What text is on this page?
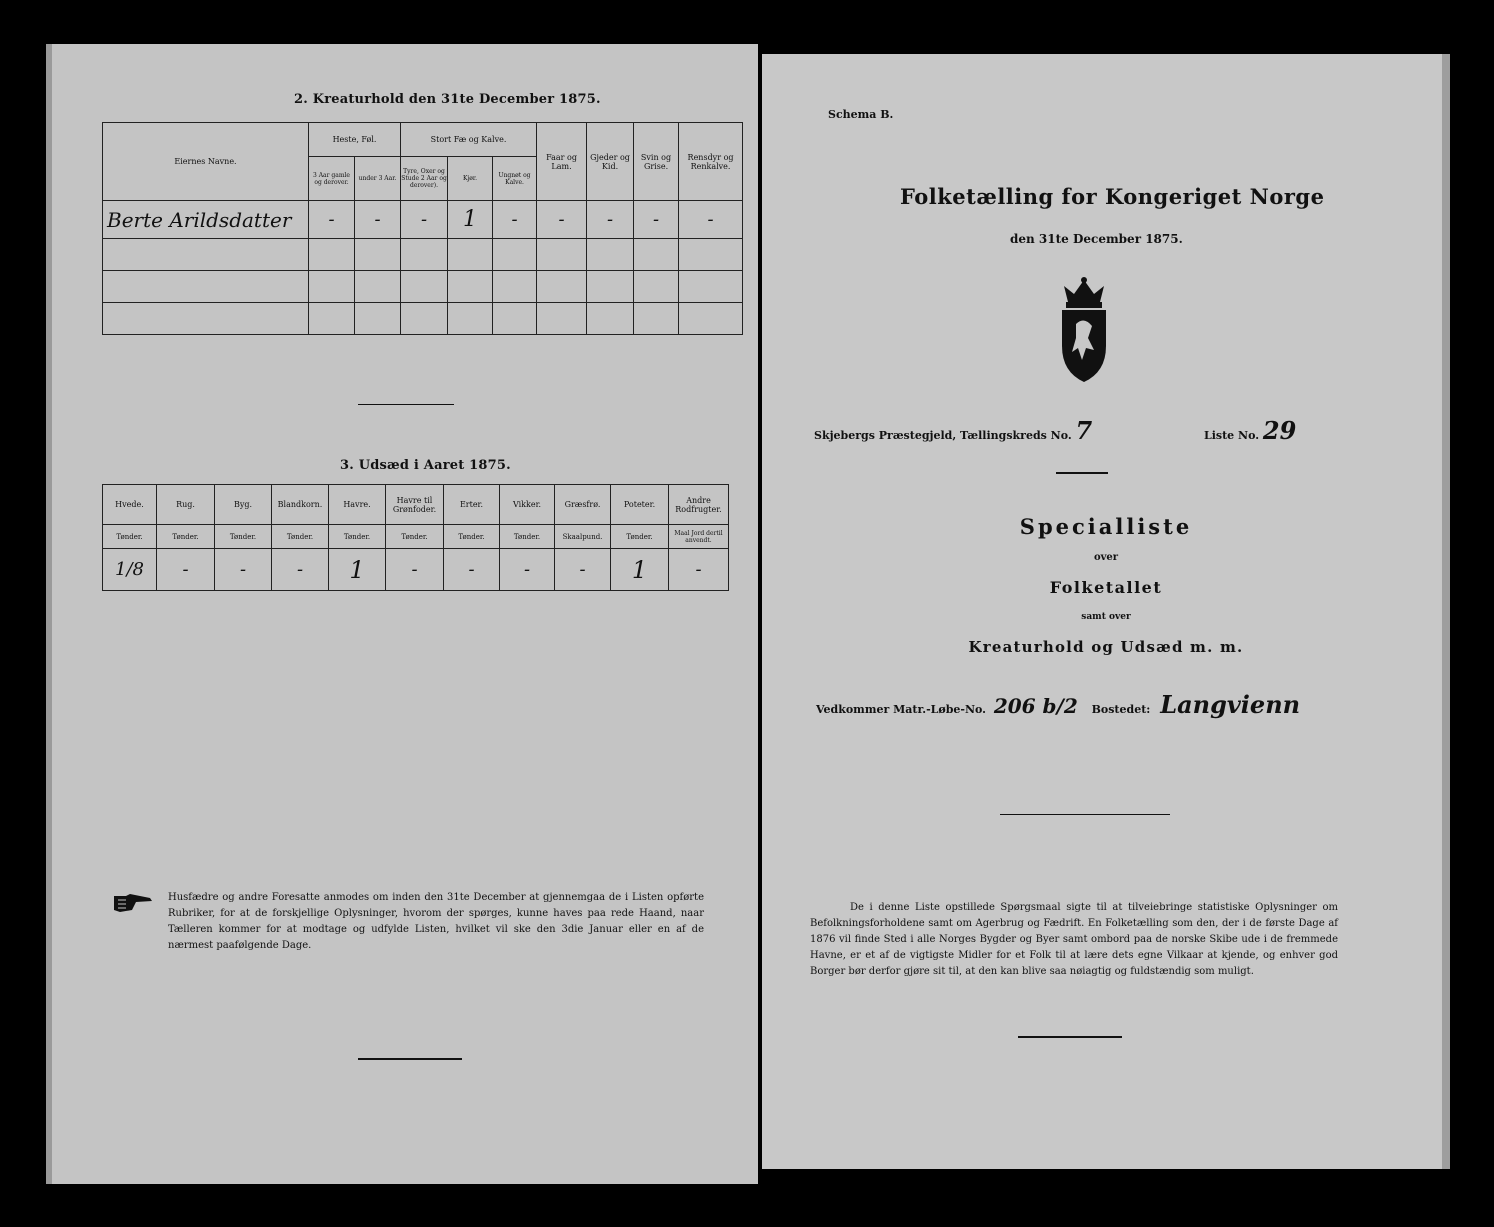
2. Kreaturhold den 31te December 1875.
Eiernes Navne.	Heste, Føl.		Stort Fæ og Kalve.			Faar og Lam.	Gjeder og Kid.	Svin og Grise.	Rensdyr og Renkalve.
	3 Aar gamle og derover.	under 3 Aar.	Tyre, Oxer og Stude 2 Aar og derover).	Kjør.	Ungnøt og Kalve.				
Berte Arildsdatter	-	-	-	1	-	-	-	-	-

3. Udsæd i Aaret 1875.
Hvede.	Rug.	Byg.	Blandkorn.	Havre.	Havre til Grønfoder.	Erter.	Vikker.	Græsfrø.	Poteter.	Andre Rodfrugter.
Tønder.	Tønder.	Tønder.	Tønder.	Tønder.	Tønder.	Tønder.	Tønder.	Skaalpund.	Tønder.	Maal Jord dertil anvendt.
1/8	-	-	-	1	-	-	-	-	1	-
Husfædre og andre Foresatte anmodes om inden den 31te December at gjennemgaa de i Listen opførte Rubriker, for at de forskjellige Oplysninger, hvorom der spørges, kunne haves paa rede Haand, naar Tælleren kommer for at modtage og udfylde Listen, hvilket vil ske den 3die Januar eller en af de nærmest paafølgende Dage.
Schema B.
Folketælling for Kongeriget Norge
den 31te December 1875.
Skjebergs Præstegjeld, Tællingskreds No. 7	Liste No. 29
Specialliste
over
Folketallet
samt over
Kreaturhold og Udsæd m. m.
Vedkommer Matr.-Løbe-No. 206 b/2 Bostedet: Langvienn
De i denne Liste opstillede Spørgsmaal sigte til at tilveiebringe statistiske Oplysninger om Befolkningsforholdene samt om Agerbrug og Fædrift. En Folketælling som den, der i de første Dage af 1876 vil finde Sted i alle Norges Bygder og Byer samt ombord paa de norske Skibe ude i de fremmede Havne, er et af de vigtigste Midler for et Folk til at lære dets egne Vilkaar at kjende, og enhver god Borger bør derfor gjøre sit til, at den kan blive saa nøiagtig og fuldstændig som muligt.
